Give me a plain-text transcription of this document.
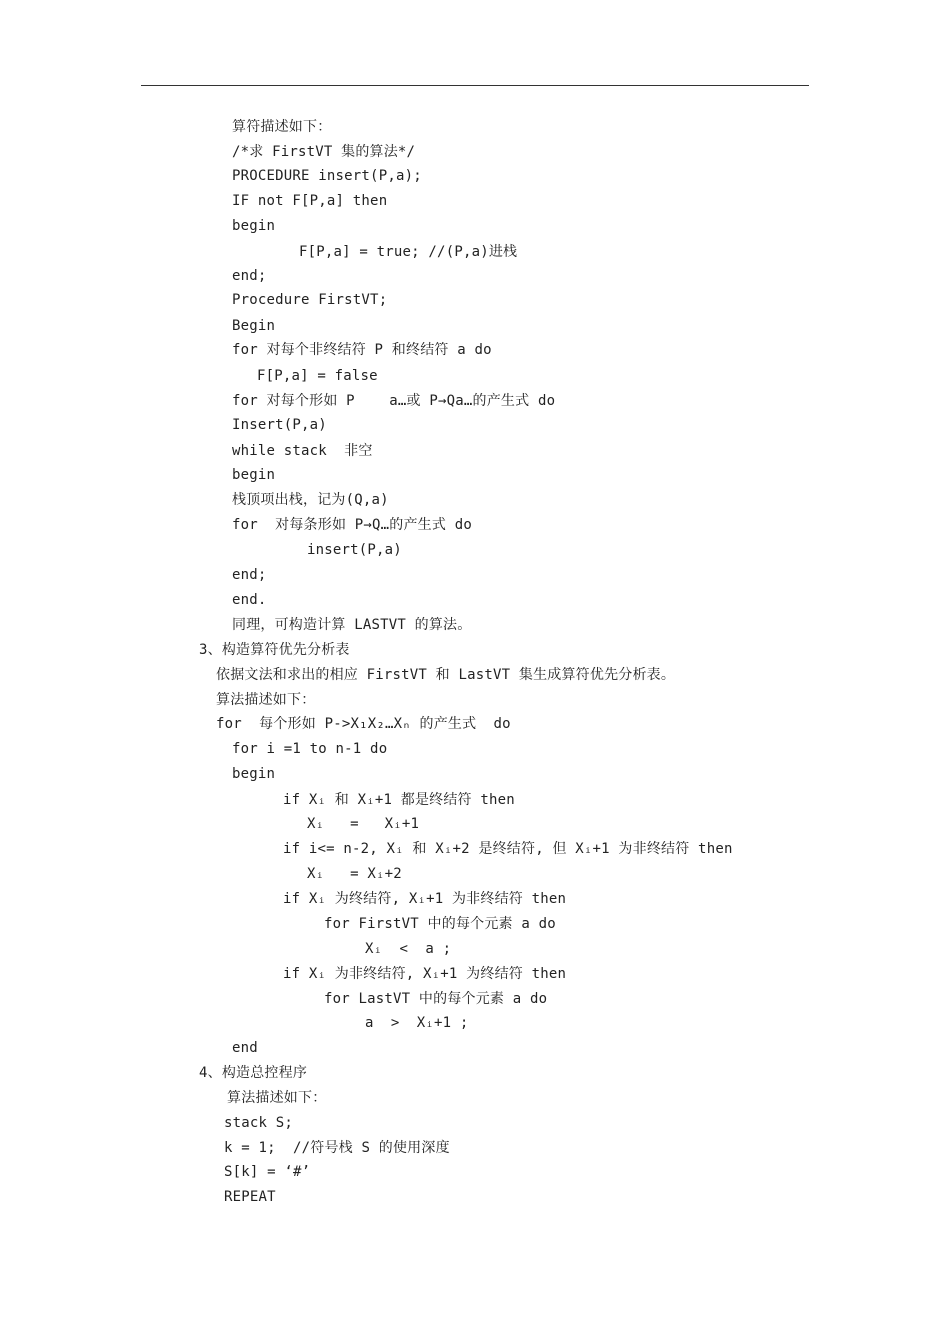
算符描述如下：
/*求 FirstVT 集的算法*/
PROCEDURE insert(P,a);
IF not F[P,a] then
begin
F[P,a] = true; //(P,a)进栈
end;
Procedure FirstVT;
Begin
for 对每个非终结符 P 和终结符 a do
F[P,a] = false
for 对每个形如 P    a…或 P→Qa…的产生式 do
Insert(P,a)
while stack  非空
begin
栈顶项出栈，记为(Q,a)
for  对每条形如 P→Q…的产生式 do
insert(P,a)
end;
end.
同理，可构造计算 LASTVT 的算法。
3、构造算符优先分析表
依据文法和求出的相应 FirstVT 和 LastVT 集生成算符优先分析表。
算法描述如下：
for  每个形如 P->X₁X₂…Xₙ 的产生式  do
for i =1 to n-1 do
begin
if Xᵢ 和 Xᵢ+1 都是终结符 then
Xᵢ   =   Xᵢ+1
if i<= n-2, Xᵢ 和 Xᵢ+2 是终结符, 但 Xᵢ+1 为非终结符 then
Xᵢ   = Xᵢ+2
if Xᵢ 为终结符, Xᵢ+1 为非终结符 then
for FirstVT 中的每个元素 a do
Xᵢ  <  a ;
if Xᵢ 为非终结符, Xᵢ+1 为终结符 then
for LastVT 中的每个元素 a do
a  >  Xᵢ+1 ;
end
4、构造总控程序
算法描述如下：
stack S;
k = 1;  //符号栈 S 的使用深度
S[k] = ‘#’
REPEAT
